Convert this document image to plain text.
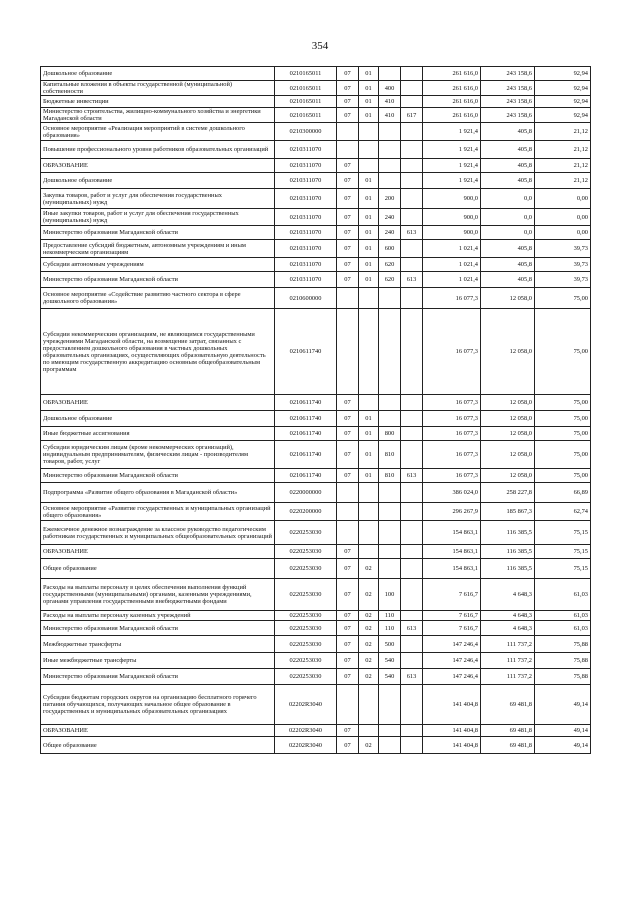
354
Дошкольное образование	0210165011	07	01			261 616,0	243 158,6	92,94
Капитальные вложения в объекты государственной (муниципальной) собственности	0210165011	07	01	400		261 616,0	243 158,6	92,94
Бюджетные инвестиции	0210165011	07	01	410		261 616,0	243 158,6	92,94
Министерство строительства, жилищно-коммунального хозяйства и энергетики Магаданской области	0210165011	07	01	410	617	261 616,0	243 158,6	92,94
Основное мероприятие «Реализация мероприятий в системе дошкольного образования»	0210300000					1 921,4	405,8	21,12
Повышение профессионального уровня работников образовательных организаций	0210311070					1 921,4	405,8	21,12
ОБРАЗОВАНИЕ	0210311070	07				1 921,4	405,8	21,12
Дошкольное образование	0210311070	07	01			1 921,4	405,8	21,12
Закупка товаров, работ и услуг для обеспечения государственных (муниципальных) нужд	0210311070	07	01	200		900,0	0,0	0,00
Иные закупки товаров, работ и услуг для обеспечения государственных (муниципальных) нужд	0210311070	07	01	240		900,0	0,0	0,00
Министерство образования Магаданской области	0210311070	07	01	240	613	900,0	0,0	0,00
Предоставление субсидий бюджетным, автономным учреждениям и иным некоммерческим организациям	0210311070	07	01	600		1 021,4	405,8	39,73
Субсидии автономным учреждениям	0210311070	07	01	620		1 021,4	405,8	39,73
Министерство образования Магаданской области	0210311070	07	01	620	613	1 021,4	405,8	39,73
Основное мероприятие «Содействие развитию частного сектора в сфере дошкольного образования»	0210600000					16 077,3	12 058,0	75,00
Субсидии некоммерческим организациям, не являющимся государственными учреждениями Магаданской области, на возмещение затрат, связанных с предоставлением дошкольного образования в частных дошкольных образовательных организациях, осуществляющих образовательную деятельность по имеющим государственную аккредитацию основным общеобразовательным программам	0210611740					16 077,3	12 058,0	75,00
ОБРАЗОВАНИЕ	0210611740	07				16 077,3	12 058,0	75,00
Дошкольное образование	0210611740	07	01			16 077,3	12 058,0	75,00
Иные бюджетные ассигнования	0210611740	07	01	800		16 077,3	12 058,0	75,00
Субсидии юридическим лицам (кроме некоммерческих организаций), индивидуальным предпринимателям, физическим лицам - производителям товаров, работ, услуг	0210611740	07	01	810		16 077,3	12 058,0	75,00
Министерство образования Магаданской области	0210611740	07	01	810	613	16 077,3	12 058,0	75,00
Подпрограмма «Развитие общего образования в Магаданской области»	0220000000					386 024,0	258 227,8	66,89
Основное мероприятие «Развитие государственных и муниципальных организаций общего образования»	0220200000					296 267,9	185 867,3	62,74
Ежемесячное денежное вознаграждение за классное руководство педагогическим работникам государственных и муниципальных общеобразовательных организаций	0220253030					154 863,1	116 385,5	75,15
ОБРАЗОВАНИЕ	0220253030	07				154 863,1	116 385,5	75,15
Общее образование	0220253030	07	02			154 863,1	116 385,5	75,15
Расходы на выплаты персоналу в целях обеспечения выполнения функций государственными (муниципальными) органами, казенными учреждениями, органами управления государственными внебюджетными фондами	0220253030	07	02	100		7 616,7	4 648,3	61,03
Расходы на выплаты персоналу казенных учреждений	0220253030	07	02	110		7 616,7	4 648,3	61,03
Министерство образования Магаданской области	0220253030	07	02	110	613	7 616,7	4 648,3	61,03
Межбюджетные трансферты	0220253030	07	02	500		147 246,4	111 737,2	75,88
Иные межбюджетные трансферты	0220253030	07	02	540		147 246,4	111 737,2	75,88
Министерство образования Магаданской области	0220253030	07	02	540	613	147 246,4	111 737,2	75,88
Субсидии бюджетам городских округов на организацию бесплатного горячего питания обучающихся, получающих начальное общее образование в государственных и муниципальных образовательных организациях	02202R3040					141 404,8	69 481,8	49,14
ОБРАЗОВАНИЕ	02202R3040	07				141 404,8	69 481,8	49,14
Общее образование	02202R3040	07	02			141 404,8	69 481,8	49,14
